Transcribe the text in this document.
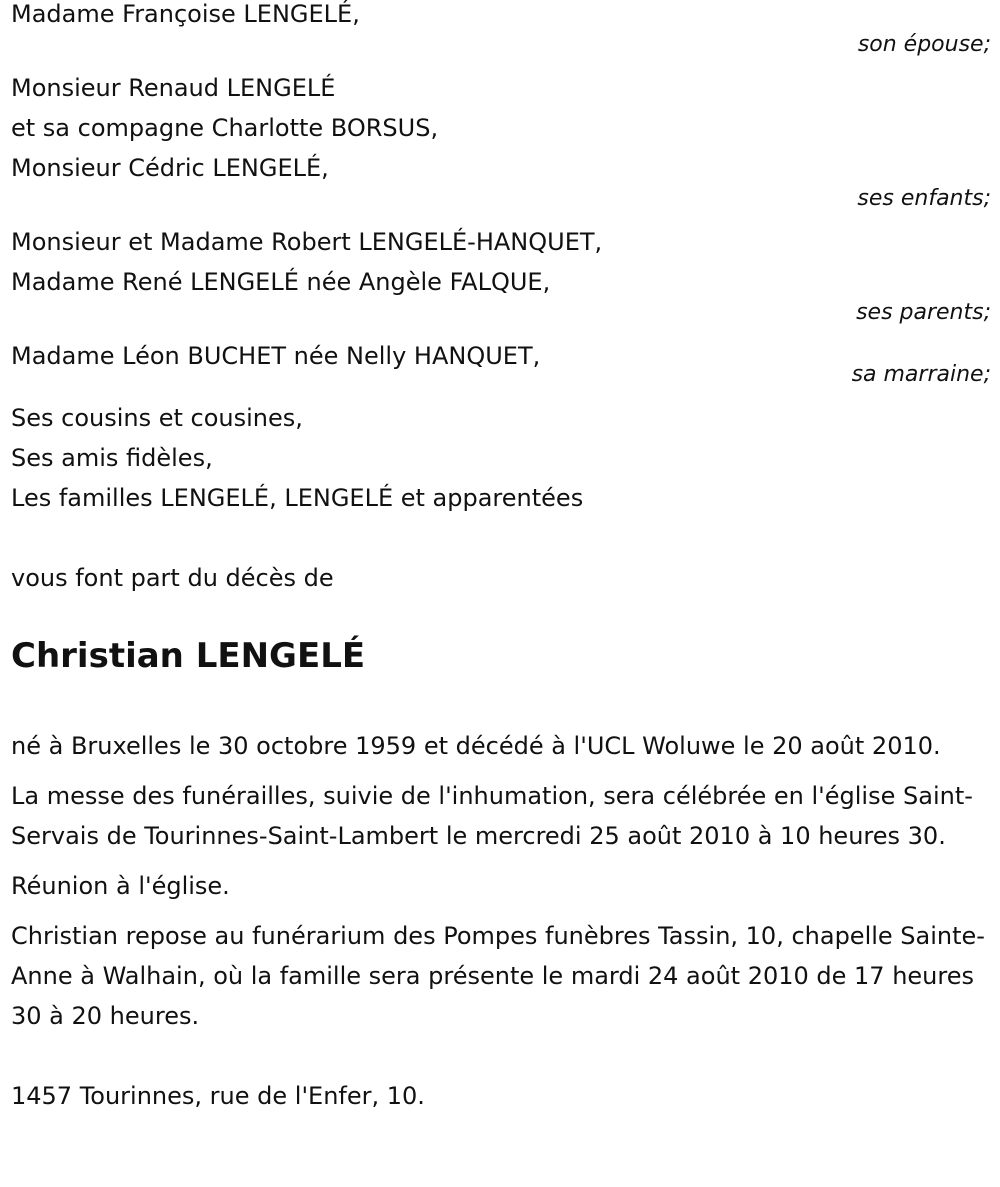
Madame Françoise LENGELÉ,
son épouse;
Monsieur Renaud LENGELÉ
et sa compagne Charlotte BORSUS,
Monsieur Cédric LENGELÉ,
ses enfants;
Monsieur et Madame Robert LENGELÉ-HANQUET,
Madame René LENGELÉ née Angèle FALQUE,
ses parents;
Madame Léon BUCHET née Nelly HANQUET,
sa marraine;
Ses cousins et cousines,
Ses amis fidèles,
Les familles LENGELÉ, LENGELÉ et apparentées
vous font part du décès de
Christian LENGELÉ
né à Bruxelles le 30 octobre 1959 et décédé à l'UCL Woluwe le 20 août 2010.
La messe des funérailles, suivie de l'inhumation, sera célébrée en l'église Saint-Servais de Tourinnes-Saint-Lambert le mercredi 25 août 2010 à 10 heures 30.
Réunion à l'église.
Christian repose au funérarium des Pompes funèbres Tassin, 10, chapelle Sainte-Anne à Walhain, où la famille sera présente le mardi 24 août 2010 de 17 heures 30 à 20 heures.
1457 Tourinnes, rue de l'Enfer, 10.
